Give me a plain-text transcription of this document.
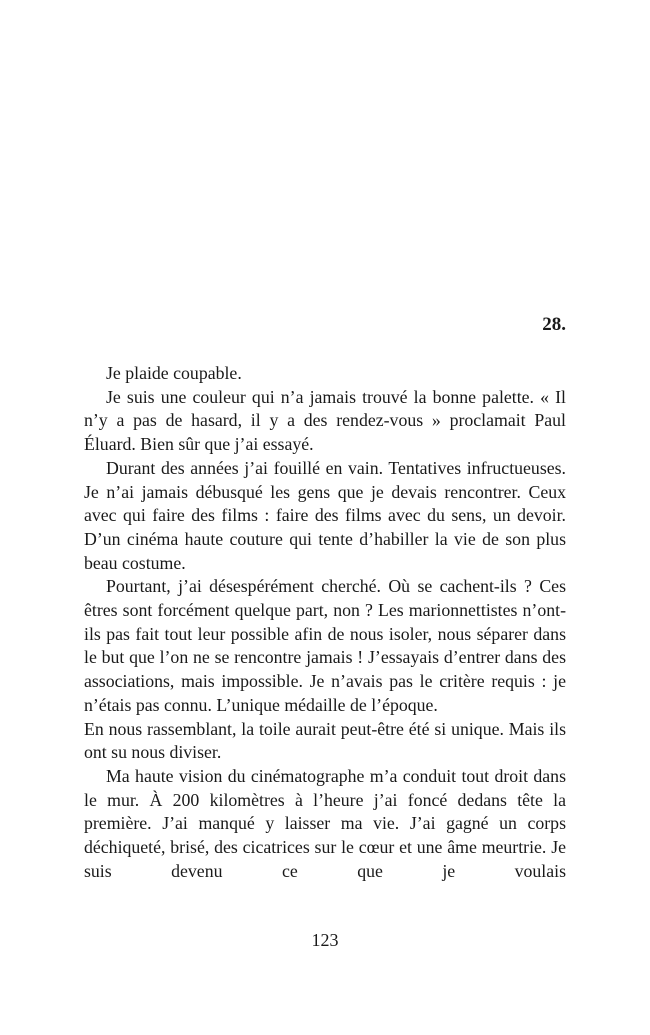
28.

Je plaide coupable.

Je suis une couleur qui n’a jamais trouvé la bonne palette. « Il n’y a pas de hasard, il y a des rendez-vous » proclamait Paul Éluard. Bien sûr que j’ai essayé.

Durant des années j’ai fouillé en vain. Tentatives infructueuses. Je n’ai jamais débusqué les gens que je devais rencontrer. Ceux avec qui faire des films : faire des films avec du sens, un devoir. D’un cinéma haute couture qui tente d’habiller la vie de son plus beau costume.

Pourtant, j’ai désespérément cherché. Où se cachent-ils ? Ces êtres sont forcément quelque part, non ? Les marionnettistes n’ont-ils pas fait tout leur possible afin de nous isoler, nous séparer dans le but que l’on ne se rencontre jamais ! J’essayais d’entrer dans des associations, mais impossible. Je n’avais pas le critère requis : je n’étais pas connu. L’unique médaille de l’époque.

En nous rassemblant, la toile aurait peut-être été si unique. Mais ils ont su nous diviser.

Ma haute vision du cinématographe m’a conduit tout droit dans le mur. À 200 kilomètres à l’heure j’ai foncé dedans tête la première. J’ai manqué y laisser ma vie. J’ai gagné un corps déchiqueté, brisé, des cicatrices sur le cœur et une âme meurtrie. Je suis devenu ce que je voulais

123
